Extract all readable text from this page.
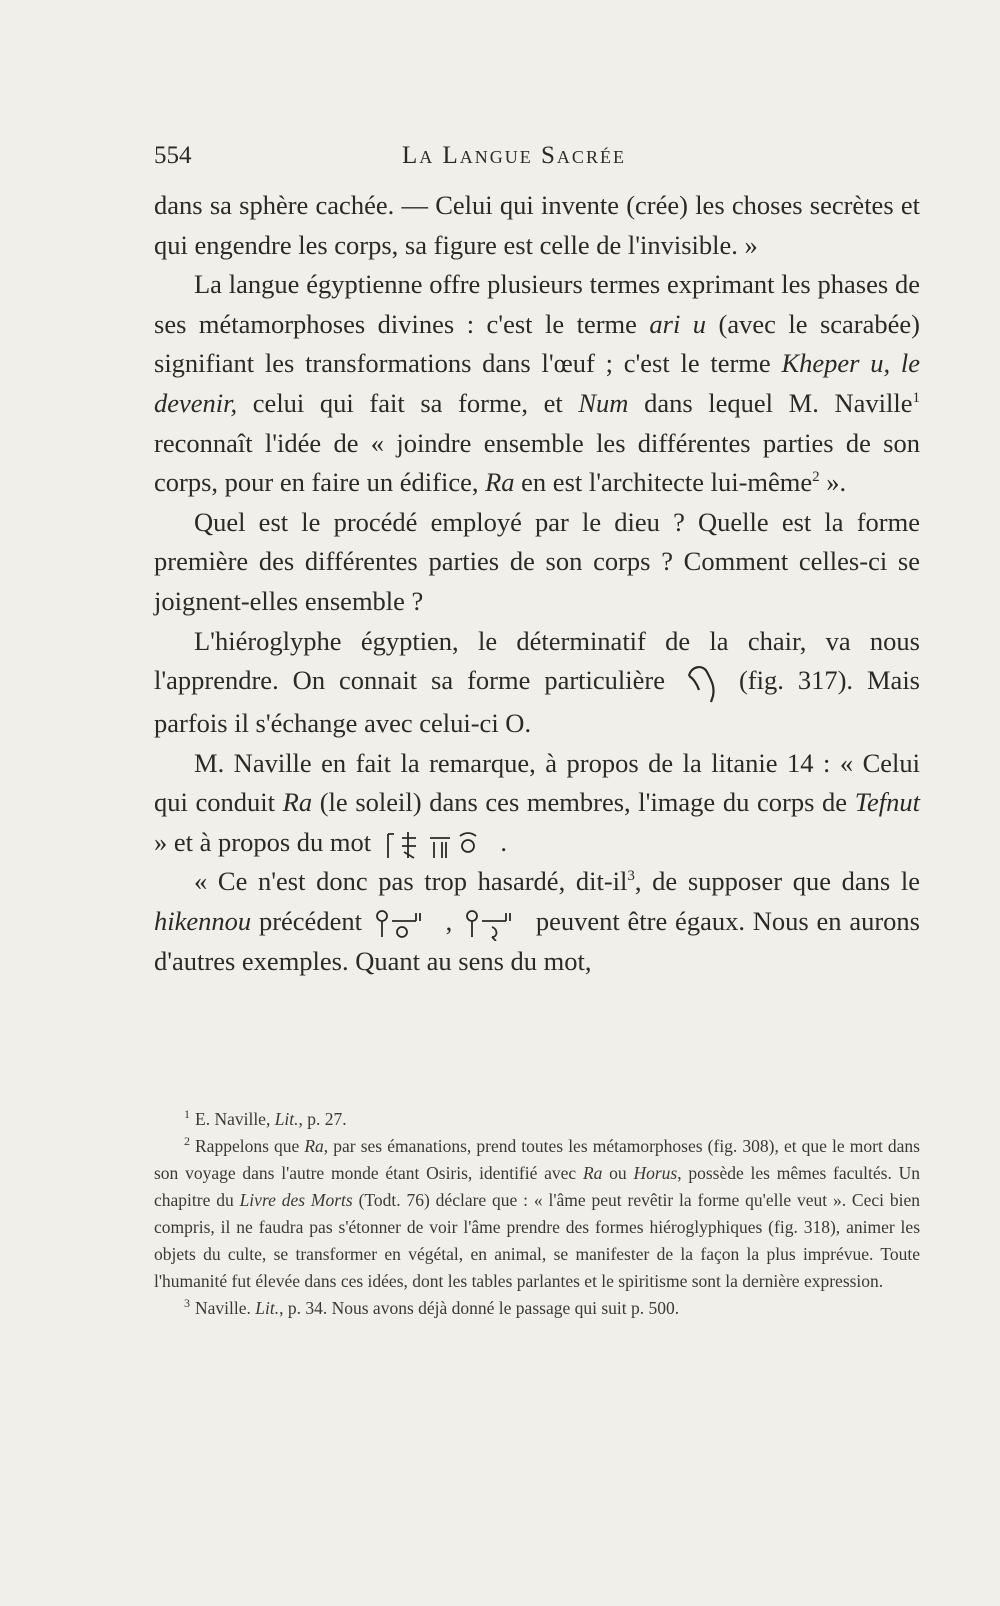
554	La Langue Sacrée

dans sa sphère cachée. — Celui qui invente (crée) les choses secrètes et qui engendre les corps, sa figure est celle de l'invisible. »

La langue égyptienne offre plusieurs termes exprimant les phases de ses métamorphoses divines : c'est le terme ari u (avec le scarabée) signifiant les transformations dans l'œuf ; c'est le terme Kheper u, le devenir, celui qui fait sa forme, et Num dans lequel M. Naville$^1$ reconnaît l'idée de « joindre ensemble les différentes parties de son corps, pour en faire un édifice, Ra en est l'architecte lui-même$^2$ ».

Quel est le procédé employé par le dieu ? Quelle est la forme première des différentes parties de son corps ? Comment celles-ci se joignent-elles ensemble ?

L'hiéroglyphe égyptien, le déterminatif de la chair, va nous l'apprendre. On connait sa forme particulière
(fig. 317). Mais parfois il s'échange avec celui-ci O.

M. Naville en fait la remarque, à propos de la litanie 14 : « Celui qui conduit Ra (le soleil) dans ces membres, l'image du corps de Tefnut » et à propos du mot	.

« Ce n'est donc pas trop hasardé, dit-$il^3$, de supposer que dans le hikennou précédent	,	peuvent être égaux. Nous en aurons d'autres exemples. Quant au sens du mot,

$^1$ E. Naville, Lit., p. 27.

$^2$ Rappelons que Ra, par ses émanations, prend toutes les métamorphoses (fig. 308), et que le mort dans son voyage dans l'autre monde étant Osiris, identifié avec Ra ou Horus, possède les mêmes facultés. Un chapitre du Livre des Morts (Todt. 76) déclare que : « l'âme peut revêtir la forme qu'elle veut ». Ceci bien compris, il ne faudra pas s'étonner de voir l'âme prendre des formes hiéroglyphiques (fig. 318), animer les objets du culte, se transformer en végétal, en animal, se manifester de la façon la plus imprévue. Toute l'humanité fut élevée dans ces idées, dont les tables parlantes et le spiritisme sont la dernière expression.

$^3$ Naville. Lit., p. 34. Nous avons déjà donné le passage qui suit p. 500.
